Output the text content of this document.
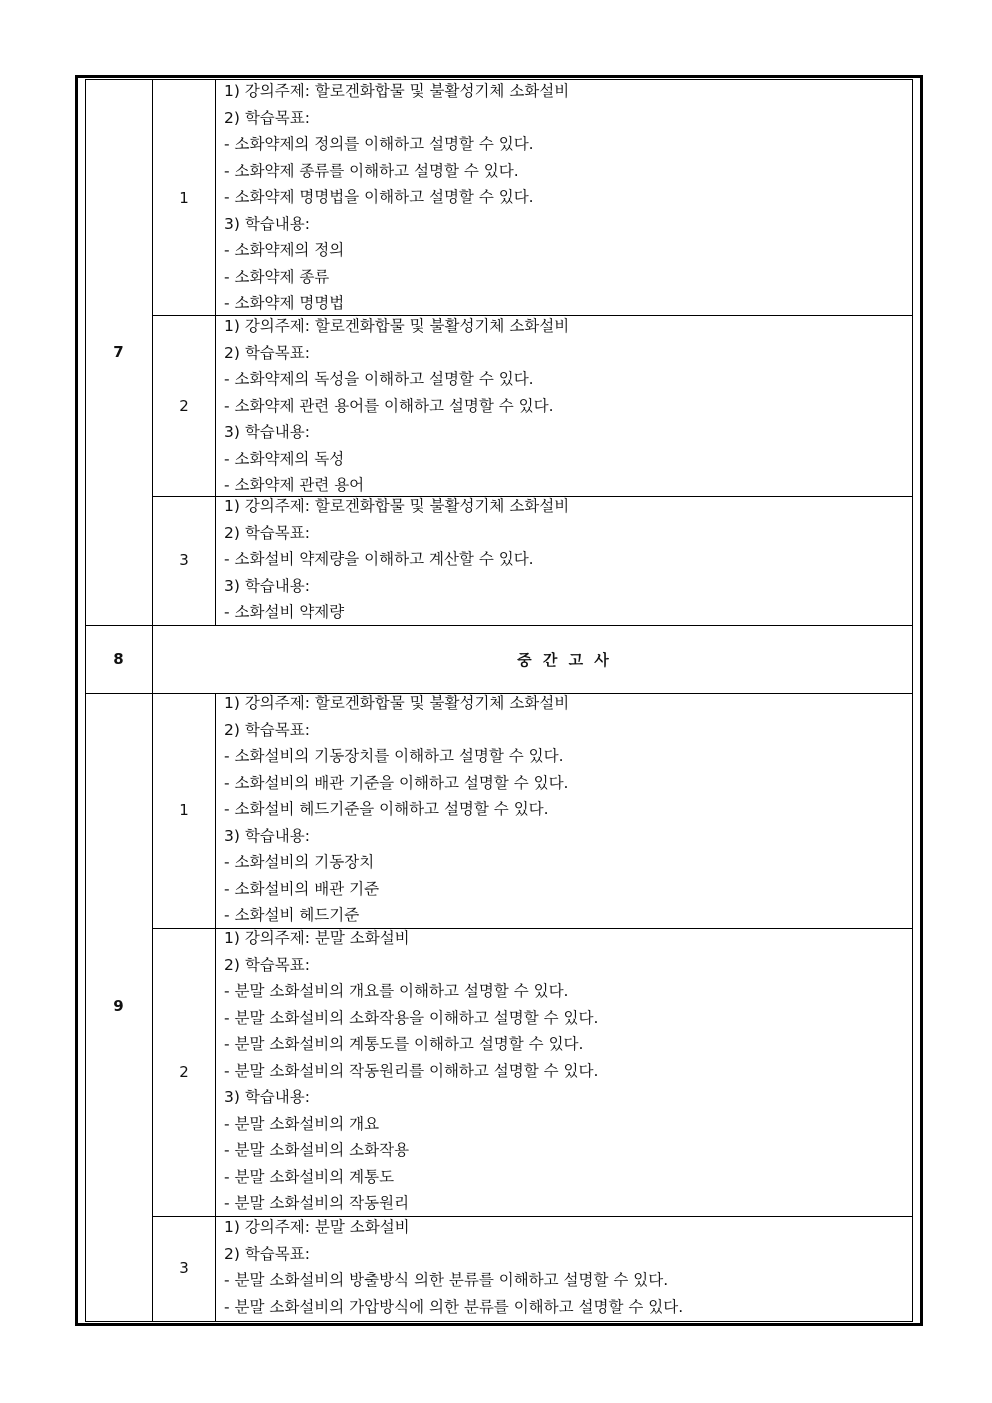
7
1
1) 강의주제: 할로겐화합물 및 불활성기체 소화설비
2) 학습목표:
- 소화약제의 정의를 이해하고 설명할 수 있다.
- 소화약제 종류를 이해하고 설명할 수 있다.
- 소화약제 명명법을 이해하고 설명할 수 있다.
3) 학습내용:
- 소화약제의 정의
- 소화약제 종류
- 소화약제 명명법
2
1) 강의주제: 할로겐화합물 및 불활성기체 소화설비
2) 학습목표:
- 소화약제의 독성을 이해하고 설명할 수 있다.
- 소화약제 관련 용어를 이해하고 설명할 수 있다.
3) 학습내용:
- 소화약제의 독성
- 소화약제 관련 용어
3
1) 강의주제: 할로겐화합물 및 불활성기체 소화설비
2) 학습목표:
- 소화설비 약제량을 이해하고 계산할 수 있다.
3) 학습내용:
- 소화설비 약제량
8	중 간 고 사
9
1
1) 강의주제: 할로겐화합물 및 불활성기체 소화설비
2) 학습목표:
- 소화설비의 기동장치를 이해하고 설명할 수 있다.
- 소화설비의 배관 기준을 이해하고 설명할 수 있다.
- 소화설비 헤드기준을 이해하고 설명할 수 있다.
3) 학습내용:
- 소화설비의 기동장치
- 소화설비의 배관 기준
- 소화설비 헤드기준
2
1) 강의주제: 분말 소화설비
2) 학습목표:
- 분말 소화설비의 개요를 이해하고 설명할 수 있다.
- 분말 소화설비의 소화작용을 이해하고 설명할 수 있다.
- 분말 소화설비의 계통도를 이해하고 설명할 수 있다.
- 분말 소화설비의 작동원리를 이해하고 설명할 수 있다.
3) 학습내용:
- 분말 소화설비의 개요
- 분말 소화설비의 소화작용
- 분말 소화설비의 계통도
- 분말 소화설비의 작동원리
3
1) 강의주제: 분말 소화설비
2) 학습목표:
- 분말 소화설비의 방출방식 의한 분류를 이해하고 설명할 수 있다.
- 분말 소화설비의 가압방식에 의한 분류를 이해하고 설명할 수 있다.
